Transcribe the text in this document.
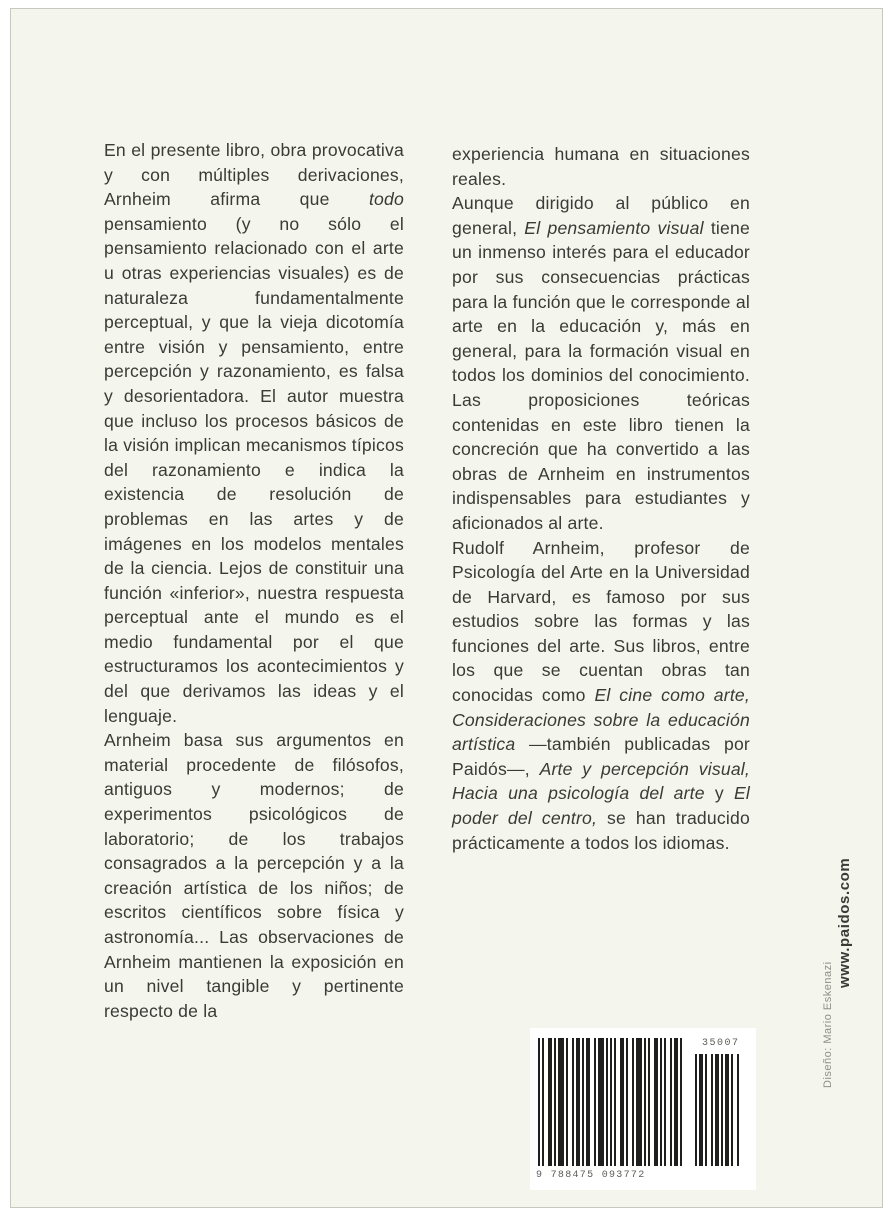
En el presente libro, obra provocativa y con múltiples derivaciones, Arnheim afirma que todo pensamiento (y no sólo el pensamiento relacionado con el arte u otras experiencias visuales) es de naturaleza fundamentalmente perceptual, y que la vieja dicotomía entre visión y pensamiento, entre percepción y razonamiento, es falsa y desorientadora. El autor muestra que incluso los procesos básicos de la visión implican mecanismos típicos del razonamiento e indica la existencia de resolución de problemas en las artes y de imágenes en los modelos mentales de la ciencia. Lejos de constituir una función «inferior», nuestra respuesta perceptual ante el mundo es el medio fundamental por el que estructuramos los acontecimientos y del que derivamos las ideas y el lenguaje.

Arnheim basa sus argumentos en material procedente de filósofos, antiguos y modernos; de experimentos psicológicos de laboratorio; de los trabajos consagrados a la percepción y a la creación artística de los niños; de escritos científicos sobre física y astronomía... Las observaciones de Arnheim mantienen la exposición en un nivel tangible y pertinente respecto de la

experiencia humana en situaciones reales.

Aunque dirigido al público en general, El pensamiento visual tiene un inmenso interés para el educador por sus consecuencias prácticas para la función que le corresponde al arte en la educación y, más en general, para la formación visual en todos los dominios del conocimiento. Las proposiciones teóricas contenidas en este libro tienen la concreción que ha convertido a las obras de Arnheim en instrumentos indispensables para estudiantes y aficionados al arte.

Rudolf Arnheim, profesor de Psicología del Arte en la Universidad de Harvard, es famoso por sus estudios sobre las formas y las funciones del arte. Sus libros, entre los que se cuentan obras tan conocidas como El cine como arte, Consideraciones sobre la educación artística —también publicadas por Paidós—, Arte y percepción visual, Hacia una psicología del arte y El poder del centro, se han traducido prácticamente a todos los idiomas.

www.paidos.com
Diseño: Mario Eskenazi
9 788475 093772
35007
